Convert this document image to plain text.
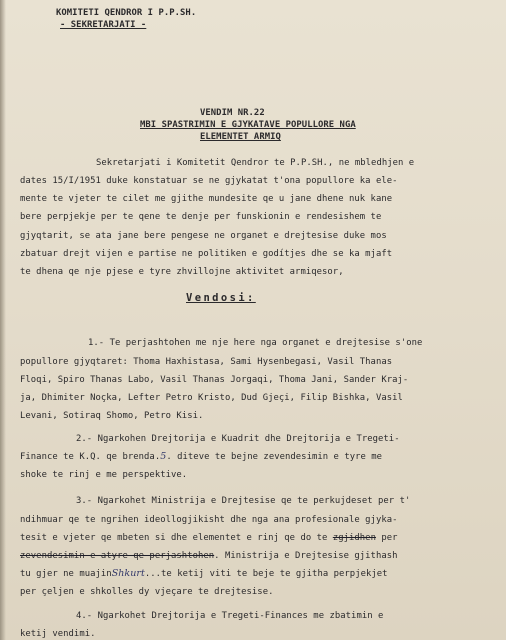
KOMITETI QENDROR I P.P.SH.
- SEKRETARJATI -
VENDIM NR.22
MBI SPASTRIMIN E GJYKATAVE POPULLORE NGA
ELEMENTET ARMIQ
Sekretarjati i Komitetit Qendror te P.P.SH., ne mbledhjen e
dates 15/I/1951 duke konstatuar se ne gjykatat t'ona popullore ka ele-
mente te vjeter te cilet me gjithe mundesite qe u jane dhene nuk kane
bere perpjekje per te qene te denje per funskionin e rendesishem te
gjyqtarit, se ata jane bere pengese ne organet e drejtesise duke mos
zbatuar drejt vijen e partise ne politiken e godítjes dhe se ka mjaft
te dhena qe nje pjese e tyre zhvillojne aktivitet armiqesor,
Vendosi:
1.- Te perjashtohen me nje here nga organet e drejtesise s'one
popullore gjyqtaret: Thoma Haxhistasa, Sami Hysenbegasi, Vasil Thanas
Floqi, Spiro Thanas Labo, Vasil Thanas Jorgaqi, Thoma Jani, Sander Kraj-
ja, Dhimiter Noçka, Lefter Petro Kristo, Dud Gjeçi, Filip Bishka, Vasil
Levani, Sotiraq Shomo, Petro Kisi.
2.- Ngarkohen Drejtorija e Kuadrit dhe Drejtorija e Tregeti-
Finance te K.Q. qe brenda.5. diteve te bejne zevendesimin e tyre me
shoke te rinj e me perspektive.
3.- Ngarkohet Ministrija e Drejtesise qe te perkujdeset per t'
ndihmuar qe te ngrihen ideollogjikisht dhe nga ana profesionale gjyka-
tesit e vjeter qe mbeten si dhe elementet e rinj qe do te zgjidhen per
zevendesimin e atyre qe perjashtohen. Ministrija e Drejtesise gjithash
tu gjer ne muajinShkurt...te ketij viti te beje te gjitha perpjekjet
per çeljen e shkolles dy vjeçare te drejtesise.
4.- Ngarkohet Drejtorija e Tregeti-Finances me zbatimin e
ketij vendimi.
